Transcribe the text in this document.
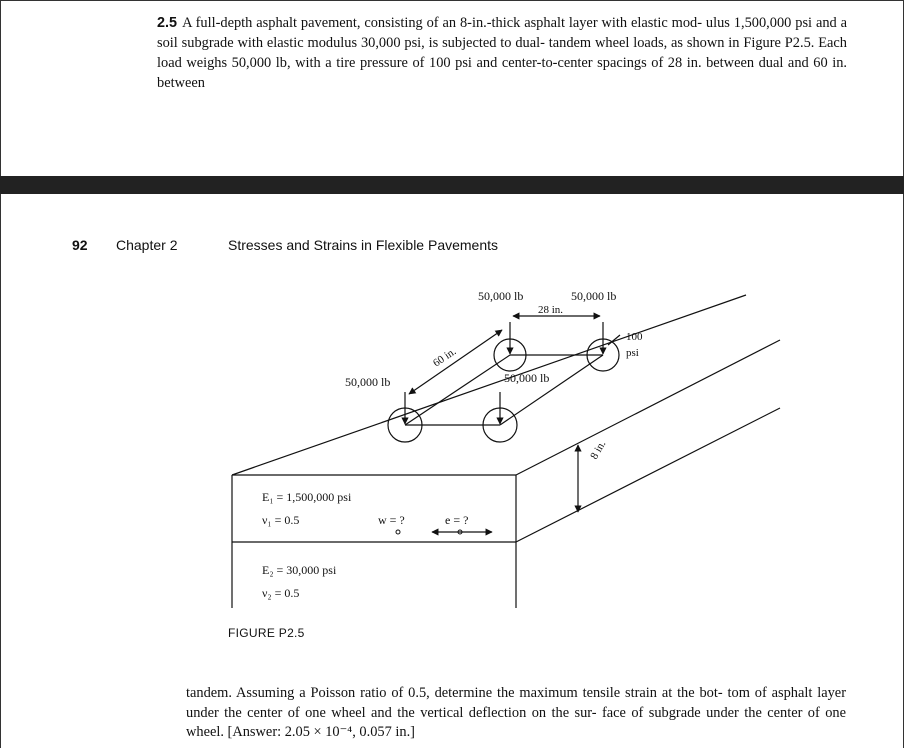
2.5 A full-depth asphalt pavement, consisting of an 8-in.-thick asphalt layer with elastic mod- ulus 1,500,000 psi and a soil subgrade with elastic modulus 30,000 psi, is subjected to dual- tandem wheel loads, as shown in Figure P2.5. Each load weighs 50,000 lb, with a tire pressure of 100 psi and center-to-center spacings of 28 in. between dual and 60 in. between
92 Chapter 2	Stresses and Strains in Flexible Pavements
50,000 lb	50,000 lb
28 in.
100
psi
60 in.
50,000 lb	50,000 lb
8 in.
E₁ = 1,500,000 psi
ν₁ = 0.5	w = ?	e = ?
E₂ = 30,000 psi
ν₂ = 0.5
FIGURE P2.5
tandem. Assuming a Poisson ratio of 0.5, determine the maximum tensile strain at the bot- tom of asphalt layer under the center of one wheel and the vertical deflection on the sur- face of subgrade under the center of one wheel. [Answer: 2.05 × 10⁻⁴, 0.057 in.]
